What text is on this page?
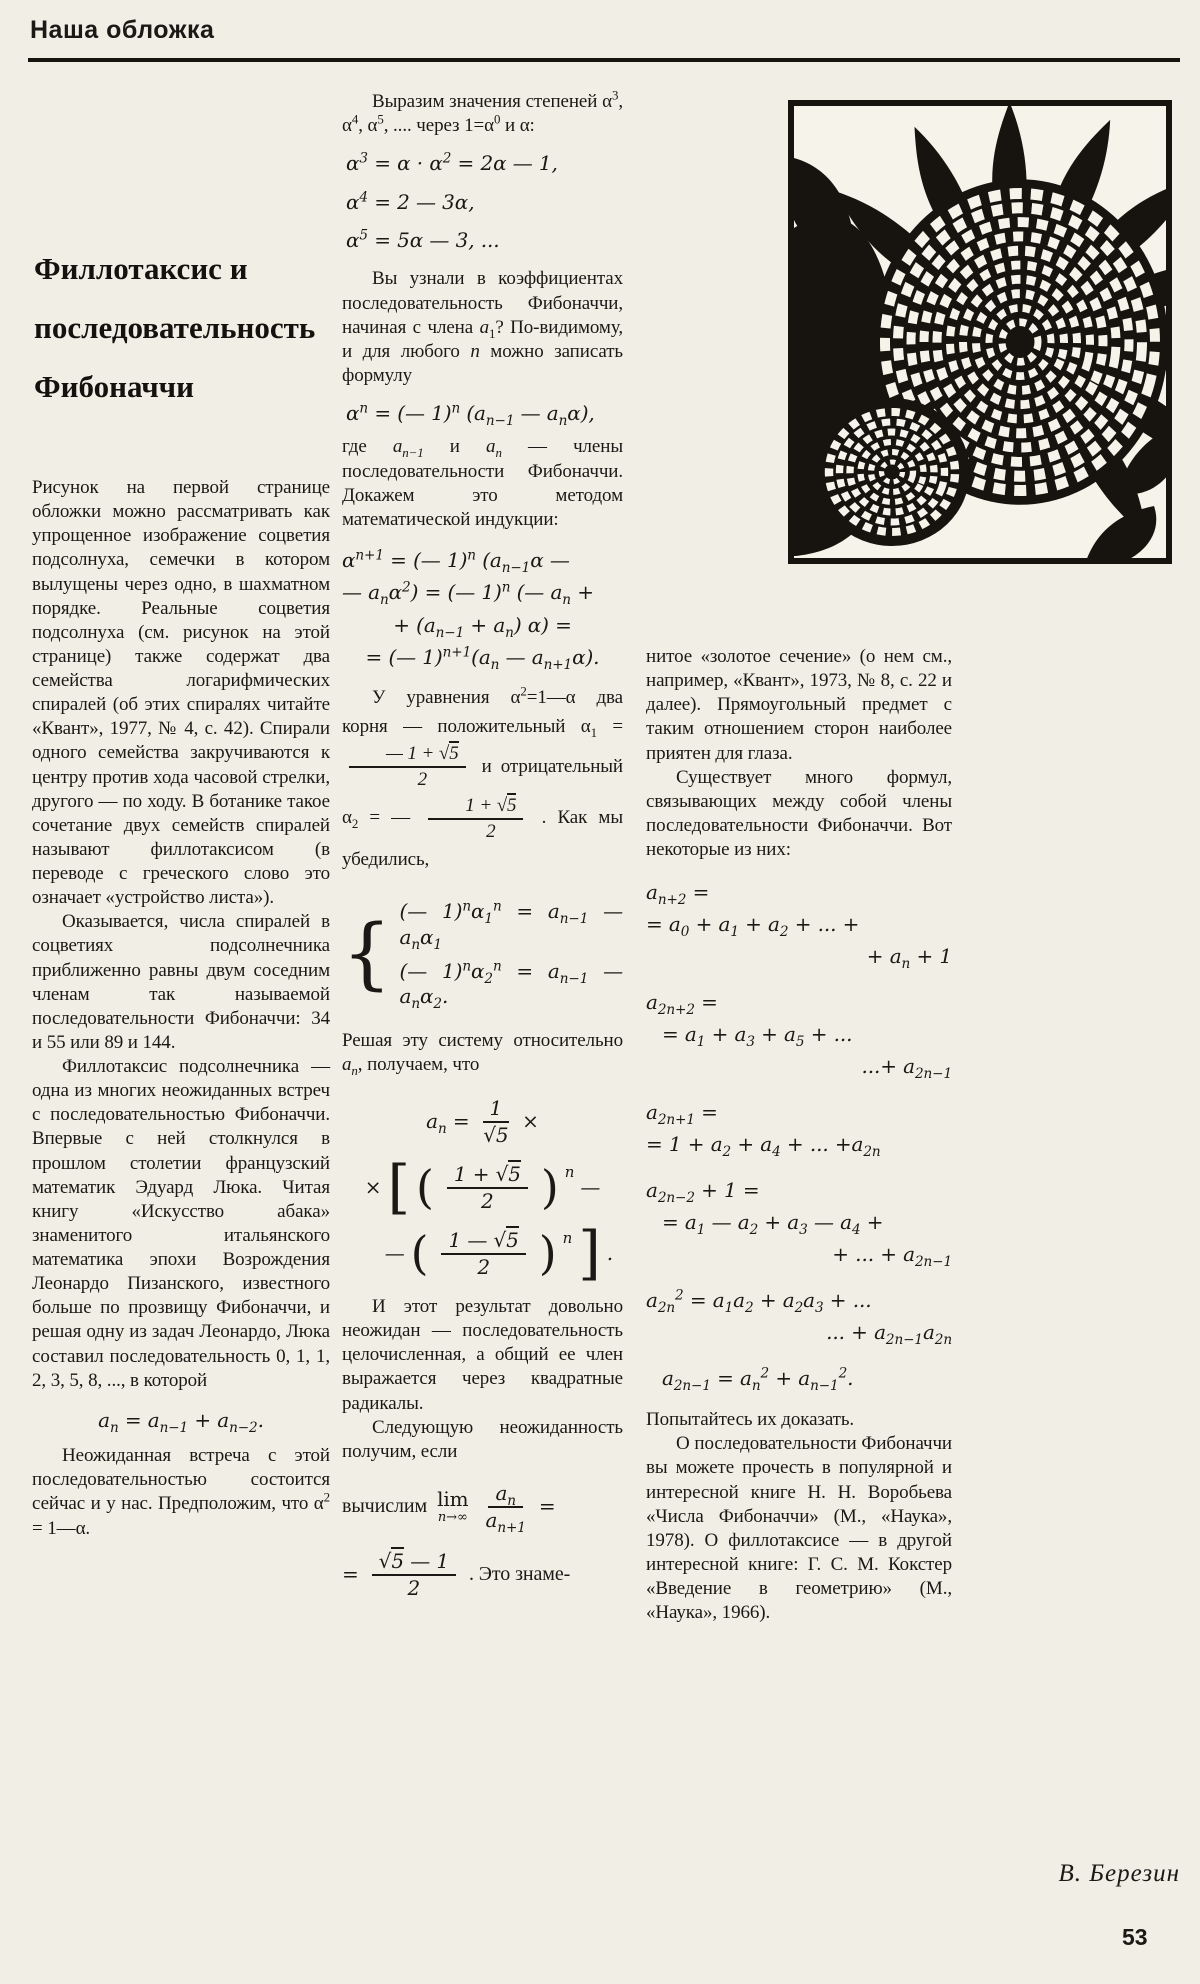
Наша обложка
Филлотаксис и последовательность Фибоначчи

Рисунок на первой странице обложки можно рассматривать как упрощенное изображение соцветия подсолнуха, семечки в котором вылущены через одно, в шахматном порядке. Реальные соцветия подсолнуха (см. рисунок на этой странице) также содержат два семейства логарифмических спиралей (об этих спиралях читайте «Квант», 1977, № 4, с. 42). Спирали одного семейства закручиваются к центру против хода часовой стрелки, другого — по ходу. В ботанике такое сочетание двух семейств спиралей называют филлотаксисом (в переводе с греческого слово это означает «устройство листа»).

Оказывается, числа спиралей в соцветиях подсолнечника приближенно равны двум соседним членам так называемой последовательности Фибоначчи: 34 и 55 или 89 и 144.

Филлотаксис подсолнечника — одна из многих неожиданных встреч с последовательностью Фибоначчи. Впервые с ней столкнулся в прошлом столетии французский математик Эдуард Люка. Читая книгу «Искусство абака» знаменитого итальянского математика эпохи Возрождения Леонардо Пизанского, известного больше по прозвищу Фибоначчи, и решая одну из задач Леонардо, Люка составил последовательность 0, 1, 1, 2, 3, 5, 8, ..., в которой

$a_n = a_{n-1} + a_{n-2}$.

Неожиданная встреча с этой последовательностью состоится сейчас и у нас. Предположим, что $\alpha^2$ = 1—α.

Выразим значения степеней $\alpha^3$, $\alpha^4$, $\alpha^5$, .... через $1=\alpha^0$ и α:

$\alpha^3 = \alpha \cdot \alpha^2 = 2\alpha$ — 1,
$\alpha^4 = 2$ — 3α,
$\alpha^5 = 5\alpha$ — 3, ...

Вы узнали в коэффициентах последовательность Фибоначчи, начиная с члена $a_1$? По-видимому, и для любого n можно записать формулу

$\alpha^n$ = (— 1)$^n$ ($a_{n-1}$ — $a_n\alpha$),

где $a_{n-1}$ и $a_n$ — члены последовательности Фибоначчи. Докажем это методом математической индукции:

$\alpha^{n+1}$ = (— 1)$^n$ ($a_{n-1}\alpha$ —
— $a_n\alpha^2$) = (— 1)$^n$ (— $a_n$ +
+ $(a_{n-1} + a_n) \alpha$) =
= (— $1)^{n+1}(a_n$ — $a_{n+1}\alpha$).

У уравнения $\alpha^2=1—\alpha$ два корня — положительный $\alpha_1$ =
$\frac{— 1 + √5}{2}$ и отрицательный $\alpha_2$ = — $\frac{1 + √5}{2}$ . Как мы убедились,

{ (— $1)^n\alpha_1^n = a_{n-1}$ — $a_n\alpha_1$
(— $1)^n\alpha_2^n = a_{n-1}$ — $a_n\alpha_2$.

Решая эту систему относительно $a_n$, получаем, что

$a_n = \frac{1}{√5}$ ×
× [ ( $\frac{1 + √5}{2}$ ) n
—
— ( $\frac{1 — √5}{2}$ ) n ] .

И этот результат довольно неожидан — последовательность целочисленная, а общий ее член выражается через квадратные радикалы.

Следующую неожиданность получим, если

вычислим lim
$n\to\infty \frac{a_n}{a_{n+1}}$ =
= $\frac{√5 — 1}{2}$ . Это знаме-

нитое «золотое сечение» (о нем см., например, «Квант», 1973, № 8, с. 22 и далее). Прямоугольный предмет с таким отношением сторон наиболее приятен для глаза.

Существует много формул, связывающих между собой члены последовательности Фибоначчи. Вот некоторые из них:

$a_{n+2}$ =
= $a_0 + a_1 + a_2$ + ... +
+ $a_n + 1$
$a_{2n+2}$ =
= $a_1 + a_3 + a_5$ + ...
...+ $a_{2n-1}$
$a_{2n+1}$ =
= $1 + a_2 + a_4$ + ... $+a_{2n}$
$a_{2n-2} + 1$ =
= $a_1$ — $a_2 + a_3$ — $a_4$ +
+ ... + $a_{2n-1}$
$a_{2n}^2 = a_1a_2 + a_2a_3$ + ...
... + $a_{2n-1}a_{2n}$
$a_{2n-1} = a_n^2 + a_{n-1}^2$.

Попытайтесь их доказать.

О последовательности Фибоначчи вы можете прочесть в популярной и интересной книге Н. Н. Воробьева «Числа Фибоначчи» (М., «Наука», 1978). О филлотаксисе — в другой интересной книге: Г. С. М. Кокстер «Введение в геометрию» (М., «Наука», 1966).

В. Березин
53
